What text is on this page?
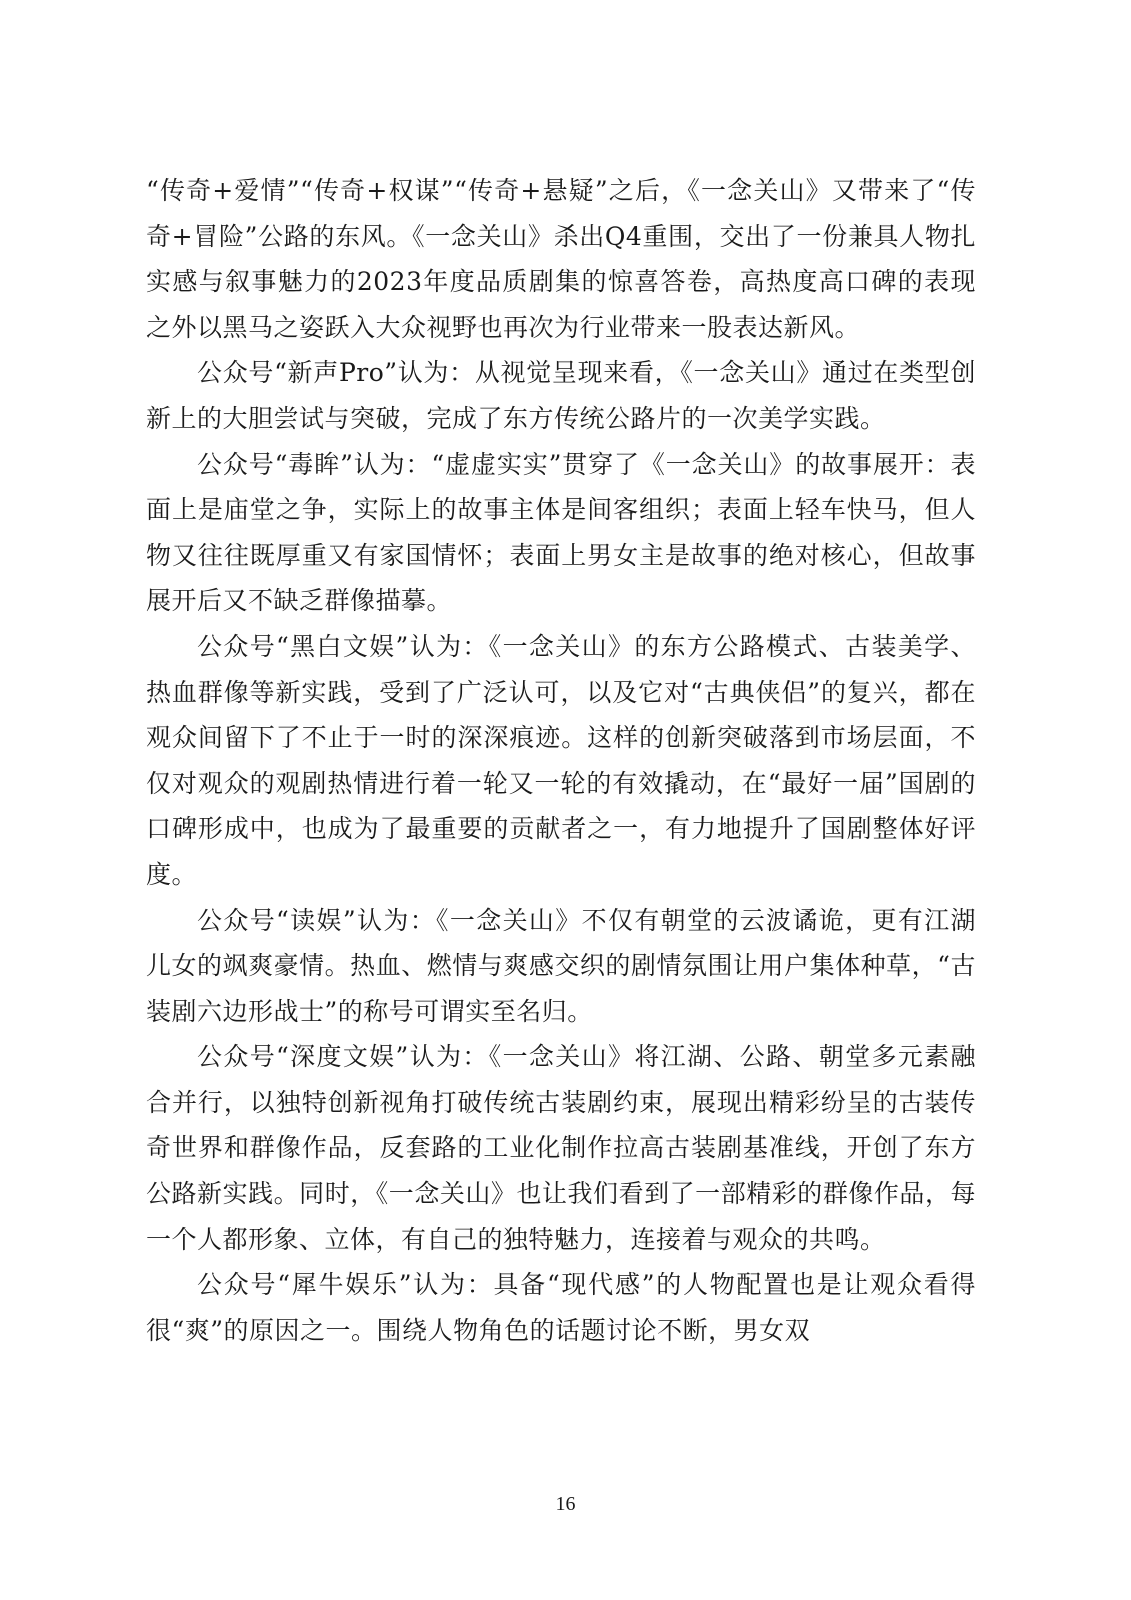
“传奇+爱情”“传奇+权谋”“传奇+悬疑”之后，《一念关山》又带来了“传奇+冒险”公路的东风。《一念关山》杀出Q4重围，交出了一份兼具人物扎实感与叙事魅力的2023年度品质剧集的惊喜答卷，高热度高口碑的表现之外以黑马之姿跃入大众视野也再次为行业带来一股表达新风。

公众号“新声Pro”认为：从视觉呈现来看，《一念关山》通过在类型创新上的大胆尝试与突破，完成了东方传统公路片的一次美学实践。

公众号“毒眸”认为：“虚虚实实”贯穿了《一念关山》的故事展开：表面上是庙堂之争，实际上的故事主体是间客组织；表面上轻车快马，但人物又往往既厚重又有家国情怀；表面上男女主是故事的绝对核心，但故事展开后又不缺乏群像描摹。

公众号“黑白文娱”认为：《一念关山》的东方公路模式、古装美学、热血群像等新实践，受到了广泛认可，以及它对“古典侠侣”的复兴，都在观众间留下了不止于一时的深深痕迹。这样的创新突破落到市场层面，不仅对观众的观剧热情进行着一轮又一轮的有效撬动，在“最好一届”国剧的口碑形成中，也成为了最重要的贡献者之一，有力地提升了国剧整体好评度。

公众号“读娱”认为：《一念关山》不仅有朝堂的云波谲诡，更有江湖儿女的飒爽豪情。热血、燃情与爽感交织的剧情氛围让用户集体种草，“古装剧六边形战士”的称号可谓实至名归。

公众号“深度文娱”认为：《一念关山》将江湖、公路、朝堂多元素融合并行，以独特创新视角打破传统古装剧约束，展现出精彩纷呈的古装传奇世界和群像作品，反套路的工业化制作拉高古装剧基准线，开创了东方公路新实践。同时，《一念关山》也让我们看到了一部精彩的群像作品，每一个人都形象、立体，有自己的独特魅力，连接着与观众的共鸣。

公众号“犀牛娱乐”认为：具备“现代感”的人物配置也是让观众看得很“爽”的原因之一。围绕人物角色的话题讨论不断，男女双

16
